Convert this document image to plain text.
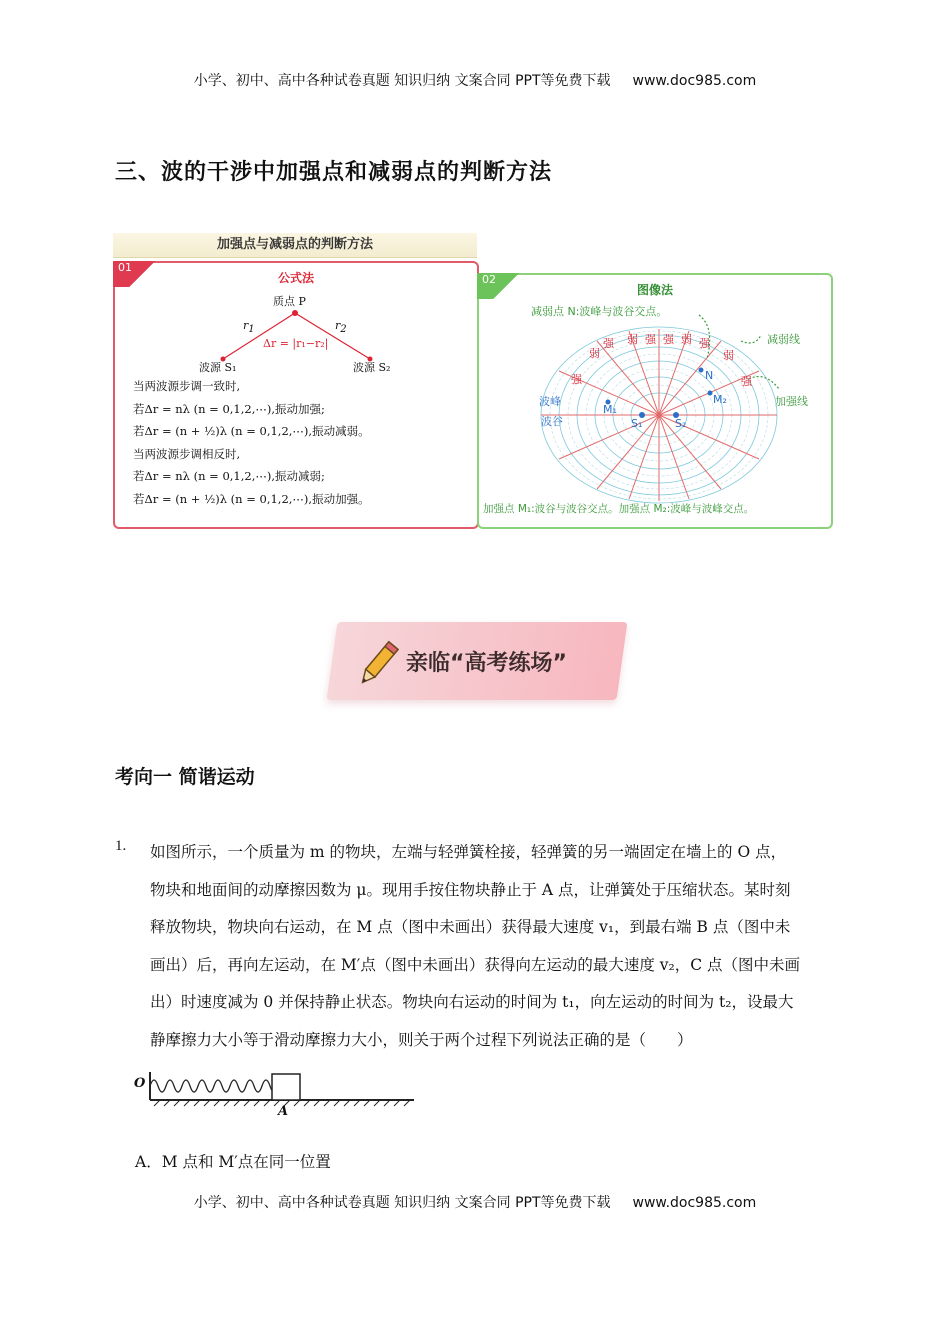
小学、初中、高中各种试卷真题 知识归纳 文案合同 PPT等免费下载 www.doc985.com
三、波的干涉中加强点和减弱点的判断方法
加强点与减弱点的判断方法
01
公式法
质点 P
$r_1$	$r_2$
Δr = |r₁−r₂|
波源 S₁	波源 S₂
当两波源步调一致时,
若Δr = nλ (n = 0,1,2,⋯),振动加强;
若Δr = (n + ½)λ (n = 0,1,2,⋯),振动减弱。
当两波源步调相反时,
若Δr = nλ (n = 0,1,2,⋯),振动减弱;
若Δr = (n + ½)λ (n = 0,1,2,⋯),振动加强。
02
图像法
减弱点 N:波峰与波谷交点。
减弱线
加强线
波峰
波谷
弱
强 弱 强 强 弱 强
弱
强	强
M₁
M₂
N
S₁	S₂
加强点 M₁:波谷与波谷交点。加强点 M₂:波峰与波峰交点。
亲临“高考练场”
考向一 简谐运动
1. 如图所示，一个质量为 m 的物块，左端与轻弹簧栓接，轻弹簧的另一端固定在墙上的 O 点，
物块和地面间的动摩擦因数为 μ。现用手按住物块静止于 A 点，让弹簧处于压缩状态。某时刻
释放物块，物块向右运动，在 M 点（图中未画出）获得最大速度 v₁，到最右端 B 点（图中未
画出）后，再向左运动，在 M′点（图中未画出）获得向左运动的最大速度 v₂，C 点（图中未画
出）时速度减为 0 并保持静止状态。物块向右运动的时间为 t₁，向左运动的时间为 t₂，设最大
静摩擦力大小等于滑动摩擦力大小，则关于两个过程下列说法正确的是（　　）
O
A
A．M 点和 M′点在同一位置
小学、初中、高中各种试卷真题 知识归纳 文案合同 PPT等免费下载 www.doc985.com
